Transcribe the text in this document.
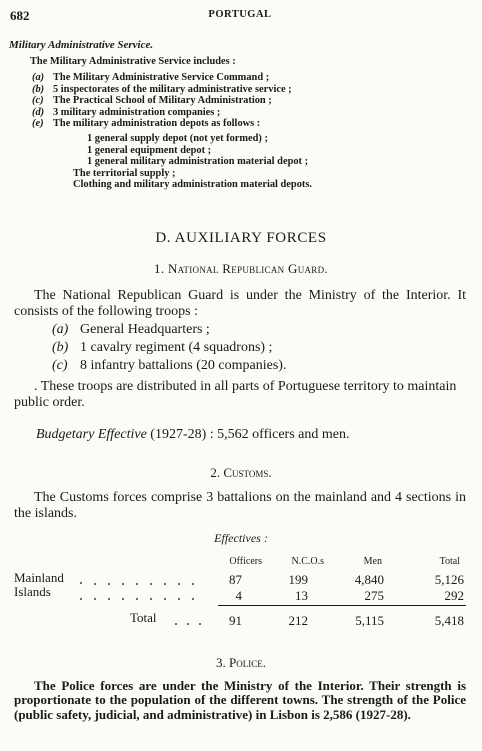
682	PORTUGAL
Military Administrative Service.
The Military Administrative Service includes :
(a) The Military Administrative Service Command ;
(b) 5 inspectorates of the military administrative service ;
(c) The Practical School of Military Administration ;
(d) 3 military administration companies ;
(e) The military administration depots as follows :
1 general supply depot (not yet formed) ;
1 general equipment depot ;
1 general military administration material depot ;
The territorial supply ;
Clothing and military administration material depots.
D. AUXILIARY FORCES
1. National Republican Guard.
The National Republican Guard is under the Ministry of the Interior. It consists of the following troops :
(a) General Headquarters ;
(b) 1 cavalry regiment (4 squadrons) ;
(c) 8 infantry battalions (20 companies).
. These troops are distributed in all parts of Portuguese territory to maintain public order.
Budgetary Effective (1927-28) : 5,562 officers and men.
2. Customs.
The Customs forces comprise 3 battalions on the mainland and 4 sections in the islands.
Effectives :
Officers	N.C.O.s	Men	Total
Mainland	87	199	4,840	5,126
Islands	4	13	275	292
Total	91	212	5,115	5,418
3. Police.
The Police forces are under the Ministry of the Interior. Their strength is proportionate to the population of the different towns. The strength of the Police (public safety, judicial, and administrative) in Lisbon is 2,586 (1927-28).
